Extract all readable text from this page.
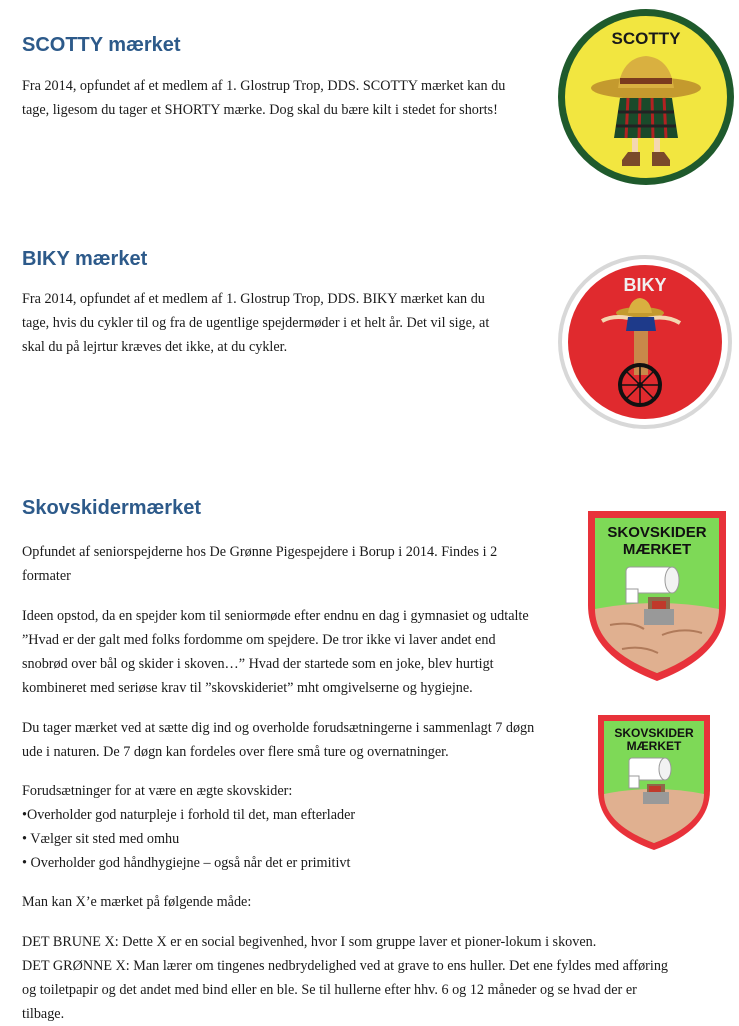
SCOTTY mærket

Fra 2014, opfundet af et medlem af 1. Glostrup Trop, DDS. SCOTTY mærket kan du
tage, ligesom du tager et SHORTY mærke. Dog skal du bære kilt i stedet for shorts!

SCOTTY
BIKY mærket

Fra 2014, opfundet af et medlem af 1. Glostrup Trop, DDS. BIKY mærket kan du
tage, hvis du cykler til og fra de ugentlige spejdermøder i et helt år. Det vil sige, at
skal du på lejrtur kræves det ikke, at du cykler.

BIKY
Skovskidermærket

Opfundet af seniorspejderne hos De Grønne Pigespejdere i Borup i 2014. Findes i 2
formater

Ideen opstod, da en spejder kom til seniormøde efter endnu en dag i gymnasiet og udtalte
”Hvad er der galt med folks fordomme om spejdere. De tror ikke vi laver andet end
snobrød over bål og skider i skoven…” Hvad der startede som en joke, blev hurtigt
kombineret med seriøse krav til ”skovskideriet” mht omgivelserne og hygiejne.

Du tager mærket ved at sætte dig ind og overholde forudsætningerne i sammenlagt 7 døgn
ude i naturen. De 7 døgn kan fordeles over flere små ture og overnatninger.

Forudsætninger for at være en ægte skovskider:
•Overholder god naturpleje i forhold til det, man efterlader
• Vælger sit sted med omhu
• Overholder god håndhygiejne – også når det er primitivt

Man kan X’e mærket på følgende måde:

DET BRUNE X: Dette X er en social begivenhed, hvor I som gruppe laver et pioner-lokum i skoven.
DET GRØNNE X: Man lærer om tingenes nedbrydelighed ved at grave to ens huller. Det ene fyldes med afføring
og toiletpapir og det andet med bind eller en ble. Se til hullerne efter hhv. 6 og 12 måneder og se hvad der er
tilbage.

SKOVSKIDER
MÆRKET
SKOVSKIDER
MÆRKET
